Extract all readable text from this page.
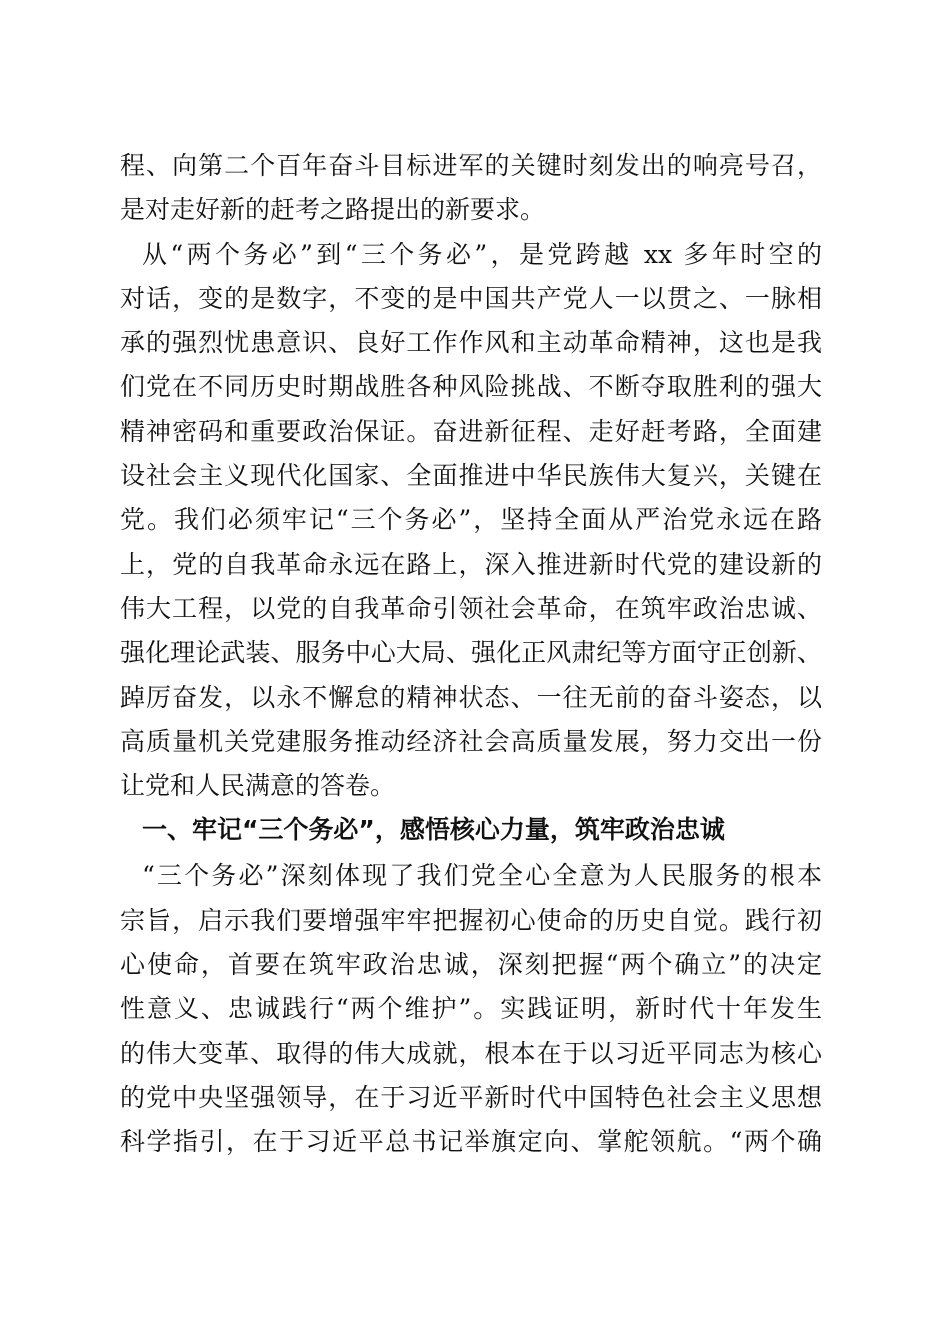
程、向第二个百年奋斗目标进军的关键时刻发出的响亮号召，
是对走好新的赶考之路提出的新要求。
从“两个务必”到“三个务必”，是党跨越 xx 多年时空的
对话，变的是数字，不变的是中国共产党人一以贯之、一脉相
承的强烈忧患意识、良好工作作风和主动革命精神，这也是我
们党在不同历史时期战胜各种风险挑战、不断夺取胜利的强大
精神密码和重要政治保证。奋进新征程、走好赶考路，全面建
设社会主义现代化国家、全面推进中华民族伟大复兴，关键在
党。我们必须牢记“三个务必”，坚持全面从严治党永远在路
上，党的自我革命永远在路上，深入推进新时代党的建设新的
伟大工程，以党的自我革命引领社会革命，在筑牢政治忠诚、
强化理论武装、服务中心大局、强化正风肃纪等方面守正创新、
踔厉奋发，以永不懈怠的精神状态、一往无前的奋斗姿态，以
高质量机关党建服务推动经济社会高质量发展，努力交出一份
让党和人民满意的答卷。
一、牢记“三个务必”，感悟核心力量，筑牢政治忠诚
“三个务必”深刻体现了我们党全心全意为人民服务的根本
宗旨，启示我们要增强牢牢把握初心使命的历史自觉。践行初
心使命，首要在筑牢政治忠诚，深刻把握“两个确立”的决定
性意义、忠诚践行“两个维护”。实践证明，新时代十年发生
的伟大变革、取得的伟大成就，根本在于以习近平同志为核心
的党中央坚强领导，在于习近平新时代中国特色社会主义思想
科学指引，在于习近平总书记举旗定向、掌舵领航。“两个确
